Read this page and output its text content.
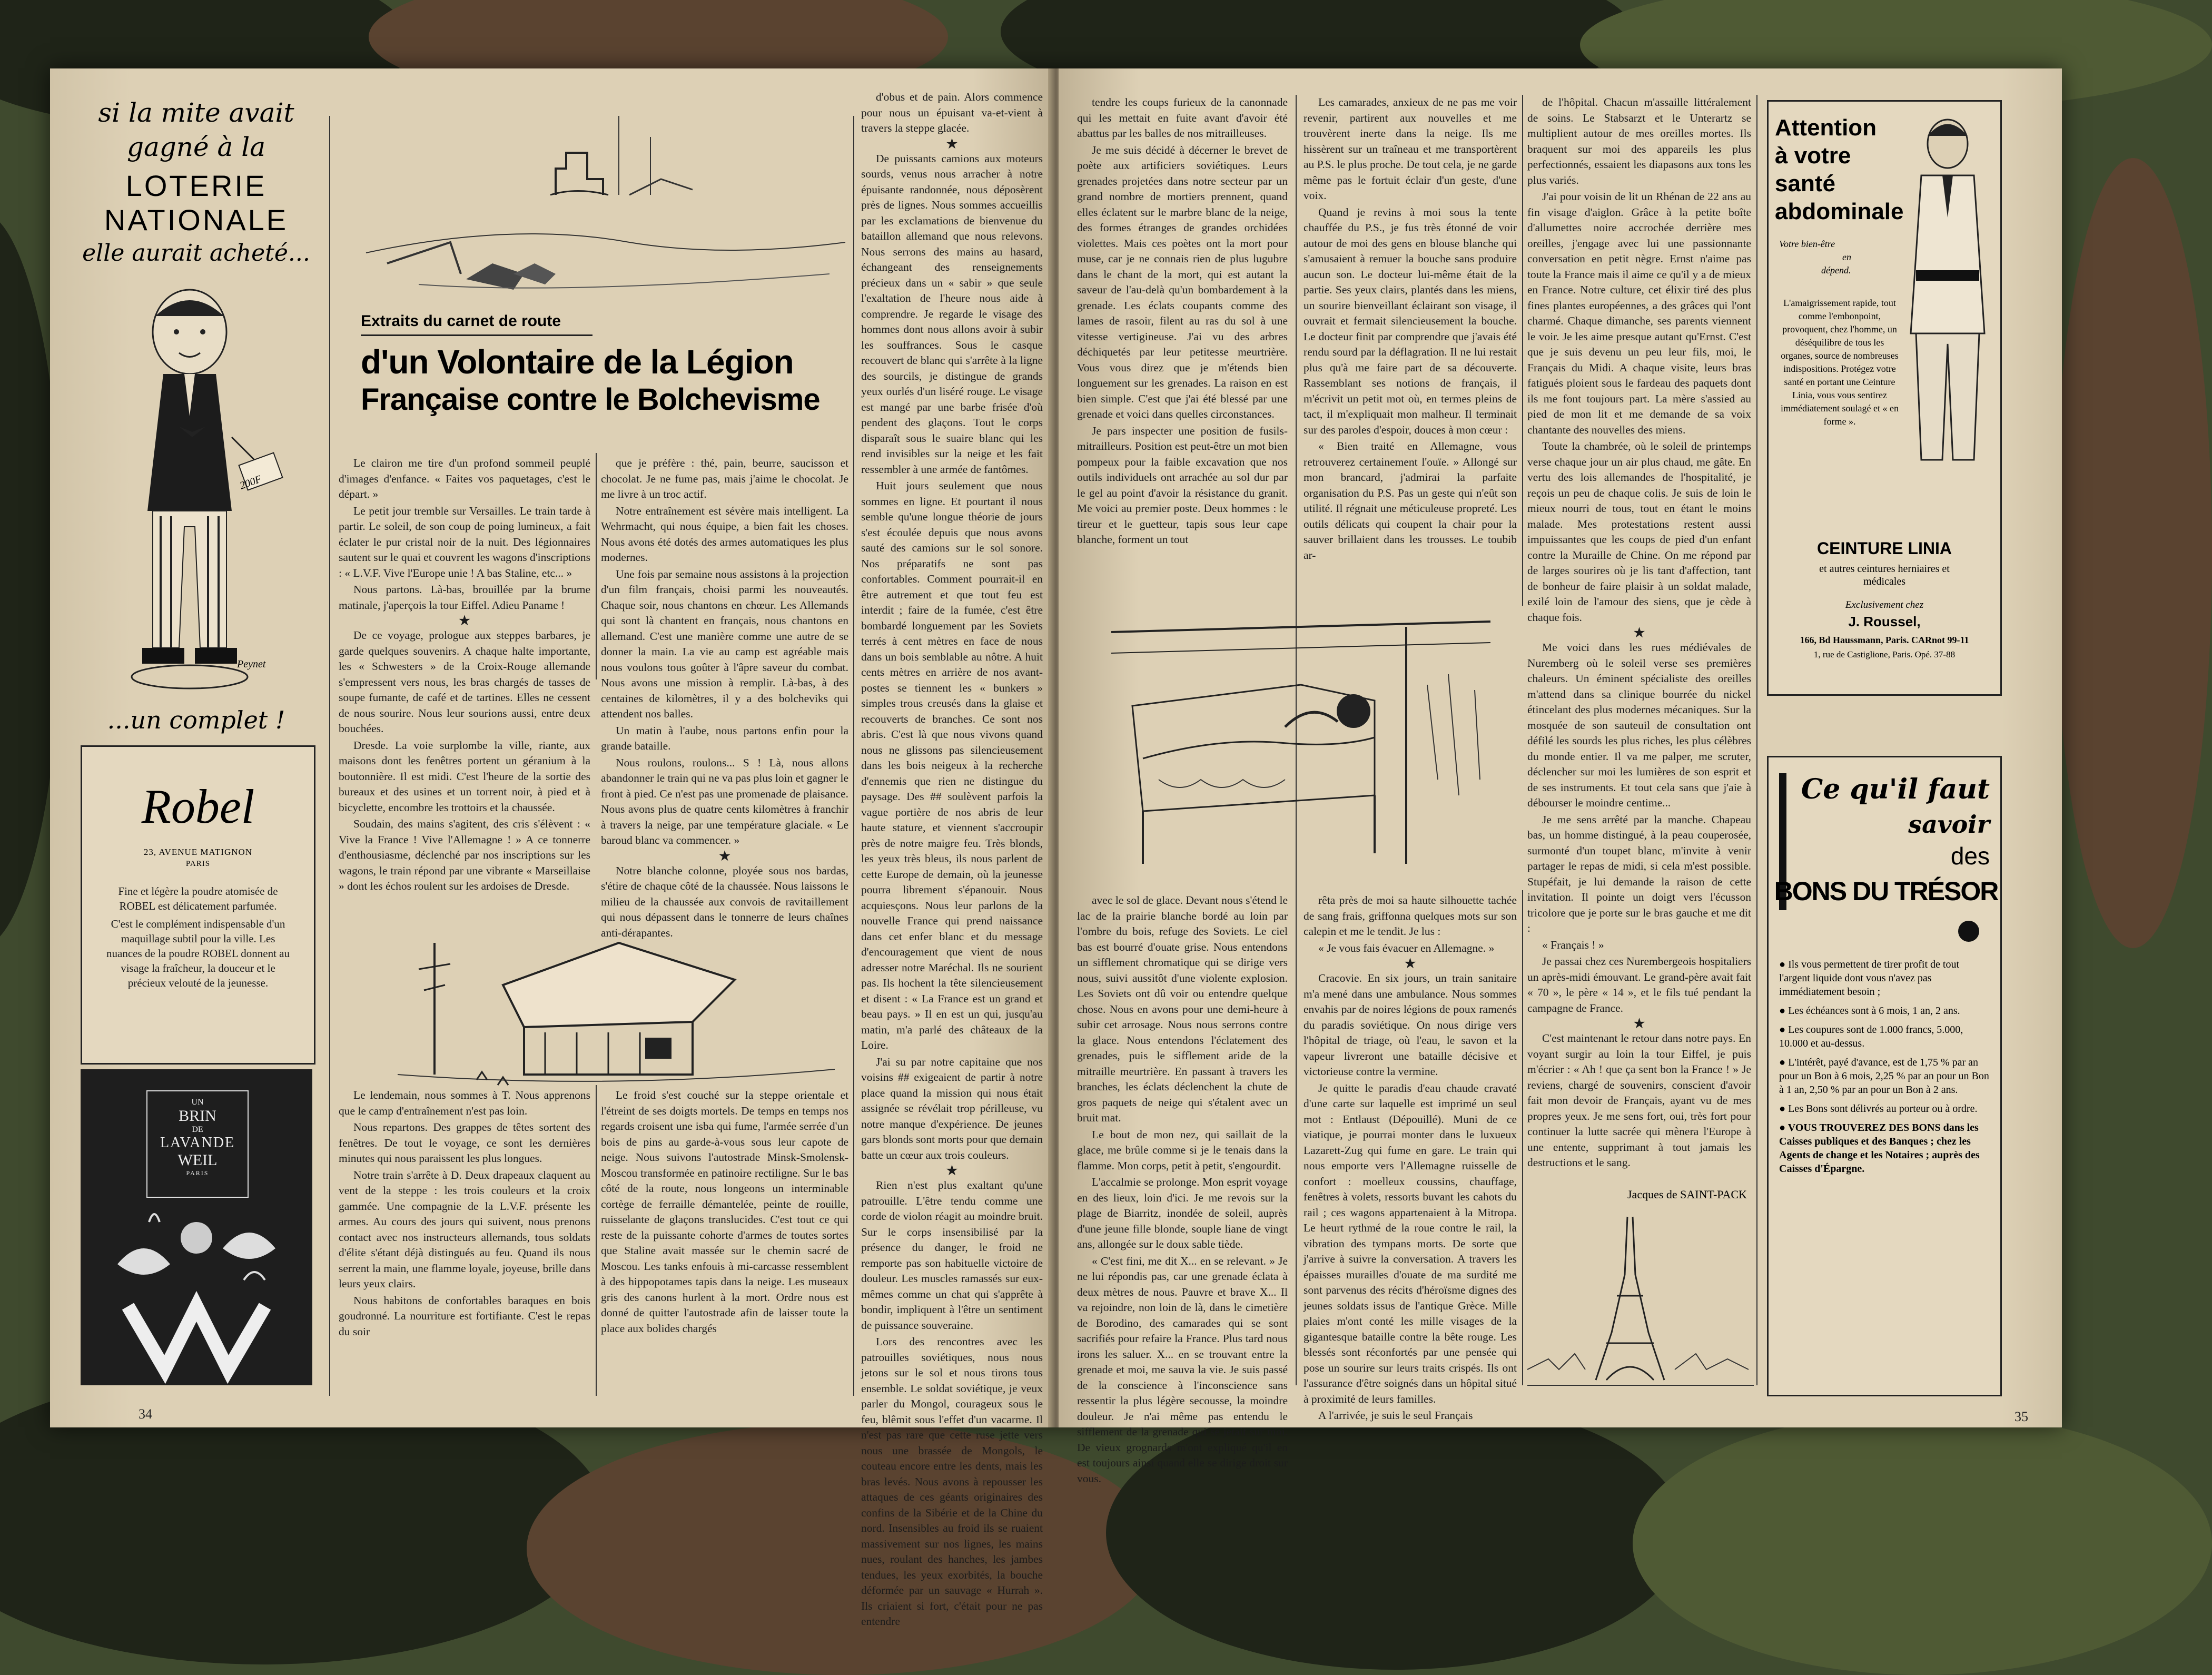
si la mite avait
gagné à la
LOTERIE
NATIONALE
elle aurait acheté...
200F
Peynet
...un complet !
Robel
23, AVENUE MATIGNON
PARIS

Fine et légère la poudre atomisée de ROBEL est délicatement parfumée.

C'est le complément indispensable d'un maquillage subtil pour la ville. Les nuances de la poudre ROBEL donnent au visage la fraîcheur, la douceur et le précieux velouté de la jeunesse.

UN
BRIN
DE
LAVANDE
WEIL
PARIS
34
Extraits du carnet de route
d'un Volontaire de la Légion
Française contre le Bolchevisme

Le clairon me tire d'un profond sommeil peuplé d'images d'enfance. « Faites vos paquetages, c'est le départ. »

Le petit jour tremble sur Versailles. Le train tarde à partir. Le soleil, de son coup de poing lumineux, a fait éclater le pur cristal noir de la nuit. Des légionnaires sautent sur le quai et couvrent les wagons d'inscriptions : « L.V.F. Vive l'Europe unie ! A bas Staline, etc... »

Nous partons. Là-bas, brouillée par la brume matinale, j'aperçois la tour Eiffel. Adieu Paname !

★

De ce voyage, prologue aux steppes barbares, je garde quelques souvenirs. A chaque halte importante, les « Schwesters » de la Croix-Rouge allemande s'empressent vers nous, les bras chargés de tasses de soupe fumante, de café et de tartines. Elles ne cessent de nous sourire. Nous leur sourions aussi, entre deux bouchées.

Dresde. La voie surplombe la ville, riante, aux maisons dont les fenêtres portent un géranium à la boutonnière. Il est midi. C'est l'heure de la sortie des bureaux et des usines et un torrent noir, à pied et à bicyclette, encombre les trottoirs et la chaussée.

Soudain, des mains s'agitent, des cris s'élèvent : « Vive la France ! Vive l'Allemagne ! » A ce tonnerre d'enthousiasme, déclenché par nos inscriptions sur les wagons, le train répond par une vibrante « Marseillaise » dont les échos roulent sur les ardoises de Dresde.

que je préfère : thé, pain, beurre, saucisson et chocolat. Je ne fume pas, mais j'aime le chocolat. Je me livre à un troc actif.

Notre entraînement est sévère mais intelligent. La Wehrmacht, qui nous équipe, a bien fait les choses. Nous avons été dotés des armes automatiques les plus modernes.

Une fois par semaine nous assistons à la projection d'un film français, choisi parmi les nouveautés. Chaque soir, nous chantons en chœur. Les Allemands qui sont là chantent en français, nous chantons en allemand. C'est une manière comme une autre de se donner la main. La vie au camp est agréable mais nous voulons tous goûter à l'âpre saveur du combat. Nous avons une mission à remplir. Là-bas, à des centaines de kilomètres, il y a des bolcheviks qui attendent nos balles.

Un matin à l'aube, nous partons enfin pour la grande bataille.

Nous roulons, roulons... S ! Là, nous allons abandonner le train qui ne va pas plus loin et gagner le front à pied. Ce n'est pas une promenade de plaisance. Nous avons plus de quatre cents kilomètres à franchir à travers la neige, par une température glaciale. « Le baroud blanc va commencer. »

★

Notre blanche colonne, ployée sous nos bardas, s'étire de chaque côté de la chaussée. Nous laissons le milieu de la chaussée aux convois de ravitaillement qui nous dépassent dans le tonnerre de leurs chaînes anti-dérapantes.

Le lendemain, nous sommes à T. Nous apprenons que le camp d'entraînement n'est pas loin.

Nous repartons. Des grappes de têtes sortent des fenêtres. De tout le voyage, ce sont les dernières minutes qui nous paraissent les plus longues.

Notre train s'arrête à D. Deux drapeaux claquent au vent de la steppe : les trois couleurs et la croix gammée. Une compagnie de la L.V.F. présente les armes. Au cours des jours qui suivent, nous prenons contact avec nos instructeurs allemands, tous soldats d'élite s'étant déjà distingués au feu. Quand ils nous serrent la main, une flamme loyale, joyeuse, brille dans leurs yeux clairs.

Nous habitons de confortables baraques en bois goudronné. La nourriture est fortifiante. C'est le repas du soir

Le froid s'est couché sur la steppe orientale et l'étreint de ses doigts mortels. De temps en temps nos regards croisent une isba qui fume, l'armée serrée d'un bois de pins au garde-à-vous sous leur capote de neige. Nous suivons l'autostrade Minsk-Smolensk-Moscou transformée en patinoire rectiligne. Sur le bas côté de la route, nous longeons un interminable cortège de ferraille démantelée, peinte de rouille, ruisselante de glaçons translucides. C'est tout ce qui reste de la puissante cohorte d'armes de toutes sortes que Staline avait massée sur le chemin sacré de Moscou. Les tanks enfouis à mi-carcasse ressemblent à des hippopotames tapis dans la neige. Les museaux gris des canons hurlent à la mort. Ordre nous est donné de quitter l'autostrade afin de laisser toute la place aux bolides chargés

d'obus et de pain. Alors commence pour nous un épuisant va-et-vient à travers la steppe glacée.

★

De puissants camions aux moteurs sourds, venus nous arracher à notre épuisante randonnée, nous déposèrent près de lignes. Nous sommes accueillis par les exclamations de bienvenue du bataillon allemand que nous relevons. Nous serrons des mains au hasard, échangeant des renseignements précieux dans un « sabir » que seule l'exaltation de l'heure nous aide à comprendre. Je regarde le visage des hommes dont nous allons avoir à subir les souffrances. Sous le casque recouvert de blanc qui s'arrête à la ligne des sourcils, je distingue de grands yeux ourlés d'un liséré rouge. Le visage est mangé par une barbe frisée d'où pendent des glaçons. Tout le corps disparaît sous le suaire blanc qui les rend invisibles sur la neige et les fait ressembler à une armée de fantômes.

Huit jours seulement que nous sommes en ligne. Et pourtant il nous semble qu'une longue théorie de jours s'est écoulée depuis que nous avons sauté des camions sur le sol sonore. Nos préparatifs ne sont pas confortables. Comment pourrait-il en être autrement et que tout feu est interdit ; faire de la fumée, c'est être bombardé longuement par les Soviets terrés à cent mètres en face de nous dans un bois semblable au nôtre. A huit cents mètres en arrière de nos avant-postes se tiennent les « bunkers » simples trous creusés dans la glaise et recouverts de branches. Ce sont nos abris. C'est là que nous vivons quand nous ne glissons pas silencieusement dans les bois neigeux à la recherche d'ennemis que rien ne distingue du paysage. Des ## soulèvent parfois la vague portière de nos abris de leur haute stature, et viennent s'accroupir près de notre maigre feu. Très blonds, les yeux très bleus, ils nous parlent de cette Europe de demain, où la jeunesse pourra librement s'épanouir. Nous acquiesçons. Nous leur parlons de la nouvelle France qui prend naissance dans cet enfer blanc et du message d'encouragement que vient de nous adresser notre Maréchal. Ils ne sourient pas. Ils hochent la tête silencieusement et disent : « La France est un grand et beau pays. » Il en est un qui, jusqu'au matin, m'a parlé des châteaux de la Loire.

J'ai su par notre capitaine que nos voisins ## exigeaient de partir à notre place quand la mission qui nous était assignée se révélait trop périlleuse, vu notre manque d'expérience. De jeunes gars blonds sont morts pour que demain batte un cœur aux trois couleurs.

★

Rien n'est plus exaltant qu'une patrouille. L'être tendu comme une corde de violon réagit au moindre bruit. Sur le corps insensibilisé par la présence du danger, le froid ne remporte pas son habituelle victoire de douleur. Les muscles ramassés sur eux-mêmes comme un chat qui s'apprête à bondir, impliquent à l'être un sentiment de puissance souveraine.

Lors des rencontres avec les patrouilles soviétiques, nous nous jetons sur le sol et nous tirons tous ensemble. Le soldat soviétique, je veux parler du Mongol, courageux sous le feu, blêmit sous l'effet d'un vacarme. Il n'est pas rare que cette ruse jette vers nous une brassée de Mongols, le couteau encore entre les dents, mais les bras levés. Nous avons à repousser les attaques de ces géants originaires des confins de la Sibérie et de la Chine du nord. Insensibles au froid ils se ruaient massivement sur nos lignes, les mains nues, roulant des hanches, les jambes tendues, les yeux exorbités, la bouche déformée par un sauvage « Hurrah ». Ils criaient si fort, c'était pour ne pas entendre

tendre les coups furieux de la canonnade qui les mettait en fuite avant d'avoir été abattus par les balles de nos mitrailleuses.

Je me suis décidé à décerner le brevet de poète aux artificiers soviétiques. Leurs grenades projetées dans notre secteur par un grand nombre de mortiers prennent, quand elles éclatent sur le marbre blanc de la neige, des formes étranges de grandes orchidées violettes. Mais ces poètes ont la mort pour muse, car je ne connais rien de plus lugubre dans le chant de la mort, qui est autant la saveur de l'au-delà qu'un bombardement à la grenade. Les éclats coupants comme des lames de rasoir, filent au ras du sol à une vitesse vertigineuse. J'ai vu des arbres déchiquetés par leur petitesse meurtrière. Vous vous direz que je m'étends bien longuement sur les grenades. La raison en est bien simple. C'est que j'ai été blessé par une grenade et voici dans quelles circonstances.

Je pars inspecter une position de fusils-mitrailleurs. Position est peut-être un mot bien pompeux pour la faible excavation que nos outils individuels ont arrachée au sol dur par le gel au point d'avoir la résistance du granit. Me voici au premier poste. Deux hommes : le tireur et le guetteur, tapis sous leur cape blanche, forment un tout

Les camarades, anxieux de ne pas me voir revenir, partirent aux nouvelles et me trouvèrent inerte dans la neige. Ils me hissèrent sur un traîneau et me transportèrent au P.S. le plus proche. De tout cela, je ne garde même pas le fortuit éclair d'un geste, d'une voix.

Quand je revins à moi sous la tente chauffée du P.S., je fus très étonné de voir autour de moi des gens en blouse blanche qui s'amusaient à remuer la bouche sans produire aucun son. Le docteur lui-même était de la partie. Ses yeux clairs, plantés dans les miens, un sourire bienveillant éclairant son visage, il ouvrait et fermait silencieusement la bouche. Le docteur finit par comprendre que j'avais été rendu sourd par la déflagration. Il ne lui restait plus qu'à me faire part de sa découverte. Rassemblant ses notions de français, il m'écrivit un petit mot où, en termes pleins de tact, il m'expliquait mon malheur. Il terminait sur des paroles d'espoir, douces à mon cœur :

« Bien traité en Allemagne, vous retrouverez certainement l'ouïe. » Allongé sur mon brancard, j'admirai la parfaite organisation du P.S. Pas un geste qui n'eût son utilité. Il régnait une méticuleuse propreté. Les outils délicats qui coupent la chair pour la sauver brillaient dans les trousses. Le toubib ar-

avec le sol de glace. Devant nous s'étend le lac de la prairie blanche bordé au loin par l'ombre du bois, refuge des Soviets. Le ciel bas est bourré d'ouate grise. Nous entendons un sifflement chromatique qui se dirige vers nous, suivi aussitôt d'une violente explosion. Les Soviets ont dû voir ou entendre quelque chose. Nous en avons pour une demi-heure à subir cet arrosage. Nous nous serrons contre la glace. Nous entendons l'éclatement des grenades, puis le sifflement aride de la mitraille meurtrière. En passant à travers les branches, les éclats déclenchent la chute de gros paquets de neige qui s'étalent avec un bruit mat.

Le bout de mon nez, qui saillait de la glace, me brûle comme si je le tenais dans la flamme. Mon corps, petit à petit, s'engourdit.

L'accalmie se prolonge. Mon esprit voyage en des lieux, loin d'ici. Je me revois sur la plage de Biarritz, inondée de soleil, auprès d'une jeune fille blonde, souple liane de vingt ans, allongée sur le doux sable tiède.

« C'est fini, me dit X... en se relevant. » Je ne lui répondis pas, car une grenade éclata à deux mètres de nous. Pauvre et brave X... Il va rejoindre, non loin de là, dans le cimetière de Borodino, des camarades qui se sont sacrifiés pour refaire la France. Plus tard nous irons les saluer. X... en se trouvant entre la grenade et moi, me sauva la vie. Je suis passé de la conscience à l'inconscience sans ressentir la plus légère secousse, la moindre douleur. Je n'ai même pas entendu le sifflement de la grenade qui se jetait sur moi. De vieux grognards m'ont expliqué qu'il en est toujours ainsi quand elle se dirige droit sur vous.

rêta près de moi sa haute silhouette tachée de sang frais, griffonna quelques mots sur son calepin et me le tendit. Je lus :

« Je vous fais évacuer en Allemagne. »

★

Cracovie. En six jours, un train sanitaire m'a mené dans une ambulance. Nous sommes envahis par de noires légions de poux ramenés du paradis soviétique. On nous dirige vers l'hôpital de triage, où l'eau, le savon et la vapeur livreront une bataille décisive et victorieuse contre la vermine.

Je quitte le paradis d'eau chaude cravaté d'une carte sur laquelle est imprimé un seul mot : Entlaust (Dépouillé). Muni de ce viatique, je pourrai monter dans le luxueux Lazarett-Zug qui fume en gare. Le train qui nous emporte vers l'Allemagne ruisselle de confort : moelleux coussins, chauffage, fenêtres à volets, ressorts buvant les cahots du rail ; ces wagons appartenaient à la Mitropa. Le heurt rythmé de la roue contre le rail, la vibration des tympans morts. De sorte que j'arrive à suivre la conversation. A travers les épaisses murailles d'ouate de ma surdité me sont parvenus des récits d'héroïsme dignes des jeunes soldats issus de l'antique Grèce. Mille plaies m'ont conté les mille visages de la gigantesque bataille contre la bête rouge. Les blessés sont réconfortés par une pensée qui pose un sourire sur leurs traits crispés. Ils ont l'assurance d'être soignés dans un hôpital situé à proximité de leurs familles.

A l'arrivée, je suis le seul Français

de l'hôpital. Chacun m'assaille littéralement de soins. Le Stabsarzt et le Unterartz se multiplient autour de mes oreilles mortes. Ils braquent sur moi des appareils les plus perfectionnés, essaient les diapasons aux tons les plus variés.

J'ai pour voisin de lit un Rhénan de 22 ans au fin visage d'aiglon. Grâce à la petite boîte d'allumettes noire accrochée derrière mes oreilles, j'engage avec lui une passionnante conversation en petit nègre. Ernst n'aime pas toute la France mais il aime ce qu'il y a de mieux en France. Notre culture, cet élixir tiré des plus fines plantes européennes, a des grâces qui l'ont charmé. Chaque dimanche, ses parents viennent le voir. Je les aime presque autant qu'Ernst. C'est que je suis devenu un peu leur fils, moi, le Français du Midi. A chaque visite, leurs bras fatigués ploient sous le fardeau des paquets dont ils me font toujours part. La mère s'assied au pied de mon lit et me demande de sa voix chantante des nouvelles des miens.

Toute la chambrée, où le soleil de printemps verse chaque jour un air plus chaud, me gâte. En vertu des lois allemandes de l'hospitalité, je reçois un peu de chaque colis. Je suis de loin le mieux nourri de tous, tout en étant le moins malade. Mes protestations restent aussi impuissantes que les coups de pied d'un enfant contre la Muraille de Chine. On me répond par de larges sourires où je lis tant d'affection, tant de bonheur de faire plaisir à un soldat malade, exilé loin de l'amour des siens, que je cède à chaque fois.

★

Me voici dans les rues médiévales de Nuremberg où le soleil verse ses premières chaleurs. Un éminent spécialiste des oreilles m'attend dans sa clinique bourrée du nickel étincelant des plus modernes mécaniques. Sur la mosquée de son sauteuil de consultation ont défilé les sourds les plus riches, les plus célèbres du monde entier. Il va me palper, me scruter, déclencher sur moi les lumières de son esprit et de ses instruments. Et tout cela sans que j'aie à débourser le moindre centime...

Je me sens arrêté par la manche. Chapeau bas, un homme distingué, à la peau couperosée, surmonté d'un toupet blanc, m'invite à venir partager le repas de midi, si cela m'est possible. Stupéfait, je lui demande la raison de cette invitation. Il pointe un doigt vers l'écusson tricolore que je porte sur le bras gauche et me dit :

« Français ! »

Je passai chez ces Nurembergeois hospitaliers un après-midi émouvant. Le grand-père avait fait « 70 », le père « 14 », et le fils tué pendant la campagne de France.

★

C'est maintenant le retour dans notre pays. En voyant surgir au loin la tour Eiffel, je puis m'écrier : « Ah ! que ça sent bon la France ! » Je reviens, chargé de souvenirs, conscient d'avoir fait mon devoir de Français, ayant vu de mes propres yeux. Je me sens fort, oui, très fort pour continuer la lutte sacrée qui mènera l'Europe à une entente, supprimant à tout jamais les destructions et le sang.

Jacques de SAINT-PACK
35
Attention
à votre
santé
abdominale
Votre bien-être
en
dépend.
L'amaigrissement rapide, tout comme l'embonpoint, provoquent, chez l'homme, un déséquilibre de tous les organes, source de nombreuses indispositions. Protégez votre santé en portant une Ceinture Linia, vous vous sentirez immédiatement soulagé et « en forme ».
CEINTURE LINIA
et autres ceintures herniaires et médicales
Exclusivement chez
J. Roussel,
166, Bd Haussmann, Paris. CARnot 99-11
1, rue de Castiglione, Paris. Opé. 37-88
Ce qu'il faut
savoir
des
BONS DU TRÉSOR
● Ils vous permettent de tirer profit de tout l'argent liquide dont vous n'avez pas immédiatement besoin ;
● Les échéances sont à 6 mois, 1 an, 2 ans.
● Les coupures sont de 1.000 francs, 5.000, 10.000 et au-dessus.
● L'intérêt, payé d'avance, est de 1,75 % par an pour un Bon à 6 mois, 2,25 % par an pour un Bon à 1 an, 2,50 % par an pour un Bon à 2 ans.
● Les Bons sont délivrés au porteur ou à ordre.
● VOUS TROUVEREZ DES BONS dans les Caisses publiques et des Banques ; chez les Agents de change et les Notaires ; auprès des Caisses d'Épargne.
